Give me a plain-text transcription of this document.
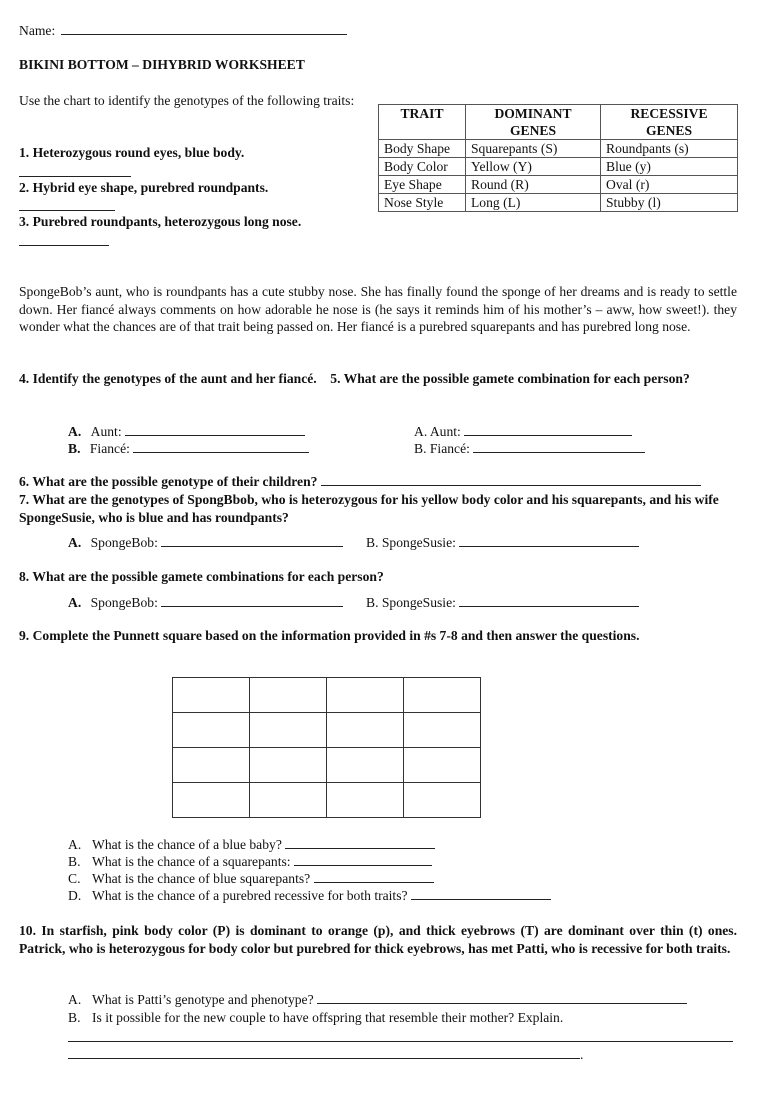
Name:
BIKINI BOTTOM – DIHYBRID WORKSHEET
Use the chart to identify the genotypes of the following traits:
1. Heterozygous round eyes, blue body.
2. Hybrid eye shape, purebred roundpants.
3. Purebred roundpants, heterozygous long nose.
TRAIT	DOMINANT GENES	RECESSIVE GENES
Body Shape	Squarepants (S)	Roundpants (s)
Body Color	Yellow (Y)	Blue (y)
Eye Shape	Round (R)	Oval (r)
Nose Style	Long (L)	Stubby (l)
SpongeBob’s aunt, who is roundpants has a cute stubby nose. She has finally found the sponge of her dreams and is ready to settle down. Her fiancé always comments on how adorable he nose is (he says it reminds him of his mother’s – aww, how sweet!). they wonder what the chances are of that trait being passed on. Her fiancé is a purebred squarepants and has purebred long nose.
A. Aunt:
B. Fiancé:
A. Aunt:
B. Fiancé:
6. What are the possible genotype of their children?
7. What are the genotypes of SpongBbob, who is heterozygous for his yellow body color and his squarepants, and his wife SpongeSusie, who is blue and has roundpants?
A. SpongeBob:	B. SpongeSusie:
8. What are the possible gamete combinations for each person?
A. SpongeBob:	B. SpongeSusie:
9. Complete the Punnett square based on the information provided in #s 7-8 and then answer the questions.

A. What is the chance of a blue baby?
B. What is the chance of a squarepants:
C. What is the chance of blue squarepants?
D. What is the chance of a purebred recessive for both traits?
10. In starfish, pink body color (P) is dominant to orange (p), and thick eyebrows (T) are dominant over thin (t) ones. Patrick, who is heterozygous for body color but purebred for thick eyebrows, has met Patti, who is recessive for both traits.
A. What is Patti’s genotype and phenotype?
B. Is it possible for the new couple to have offspring that resemble their mother? Explain.
.
4. Identify the genotypes of the aunt and her fiancé.    5. What are the possible gamete combination for each person?
